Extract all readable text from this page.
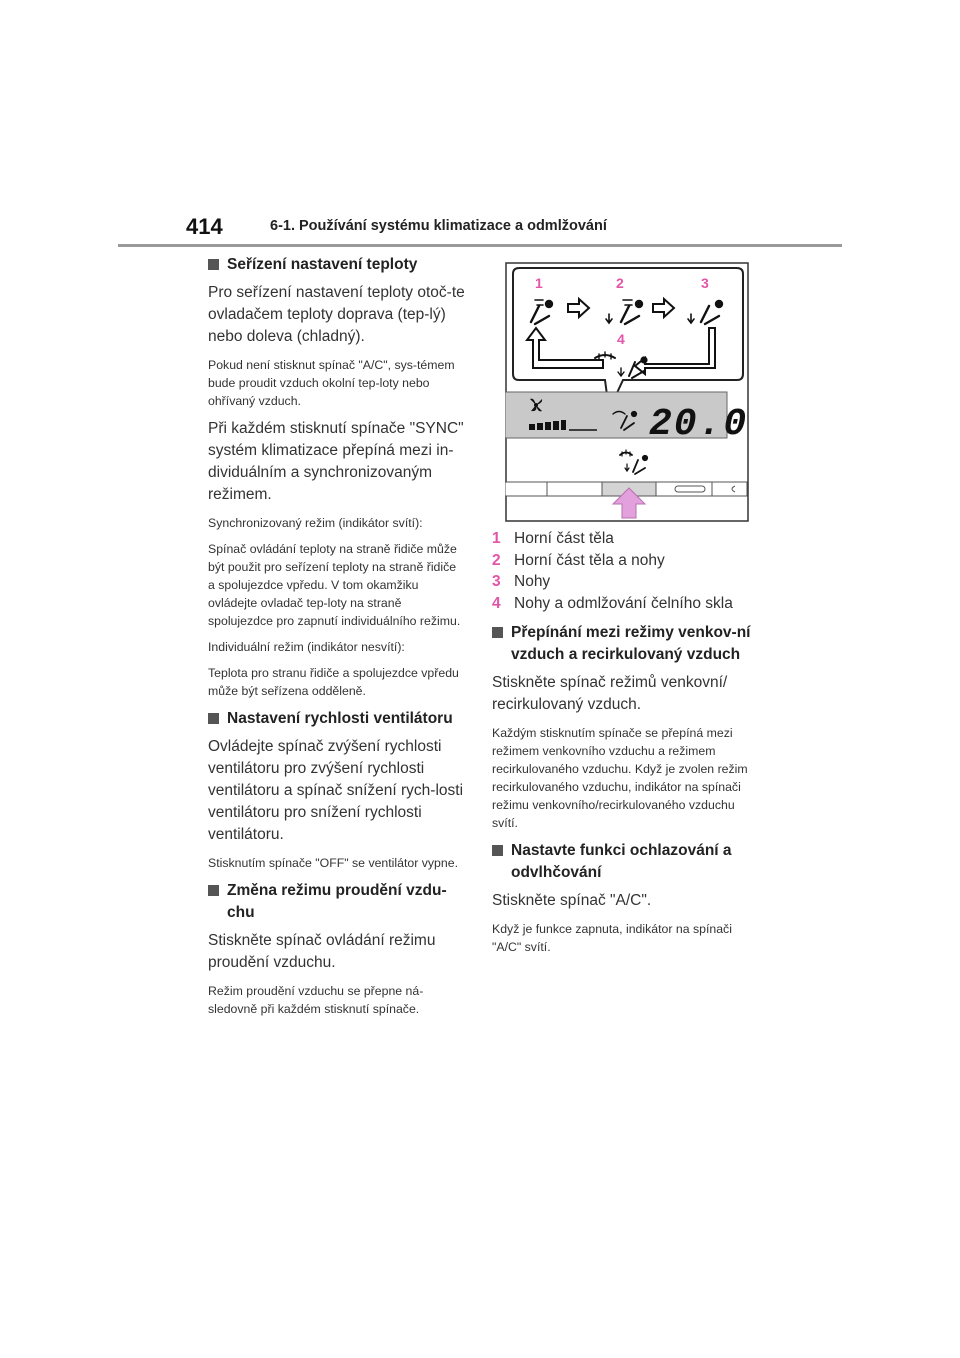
414	6-1. Používání systému klimatizace a odmlžování
Seřízení nastavení teploty
Pro seřízení nastavení teploty otoč-te ovladačem teploty doprava (tep-lý) nebo doleva (chladný).
Pokud není stisknut spínač "A/C", sys-témem bude proudit vzduch okolní tep-loty nebo ohřívaný vzduch.
Při každém stisknutí spínače "SYNC" systém klimatizace přepíná mezi in-dividuálním a synchronizovaným režimem.
Synchronizovaný režim (indikátor svítí):
Spínač ovládání teploty na straně řidiče může být použit pro seřízení teploty na straně řidiče a spolujezdce vpředu. V tom okamžiku ovládejte ovladač tep-loty na straně spolujezdce pro zapnutí individuálního režimu.
Individuální režim (indikátor nesvítí):
Teplota pro stranu řidiče a spolujezdce vpředu může být seřízena odděleně.
Nastavení rychlosti ventilátoru
Ovládejte spínač zvýšení rychlosti ventilátoru pro zvýšení rychlosti ventilátoru a spínač snížení rych-losti ventilátoru pro snížení rychlosti ventilátoru.
Stisknutím spínače "OFF" se ventilátor vypne.
Změna režimu proudění vzdu-chu
Stiskněte spínač ovládání režimu proudění vzduchu.
Režim proudění vzduchu se přepne ná-sledovně při každém stisknutí spínače.
1	2	3
4
20.0
1 Horní část těla
2 Horní část těla a nohy
3 Nohy
4 Nohy a odmlžování čelního skla
Přepínání mezi režimy venkov-ní vzduch a recirkulovaný vzduch
Stiskněte spínač režimů venkovní/ recirkulovaný vzduch.
Každým stisknutím spínače se přepíná mezi režimem venkovního vzduchu a režimem recirkulovaného vzduchu. Když je zvolen režim recirkulovaného vzduchu, indikátor na spínači režimu venkovního/recirkulovaného vzduchu svítí.
Nastavte funkci ochlazování a odvlhčování
Stiskněte spínač "A/C".
Když je funkce zapnuta, indikátor na spínači "A/C" svítí.
